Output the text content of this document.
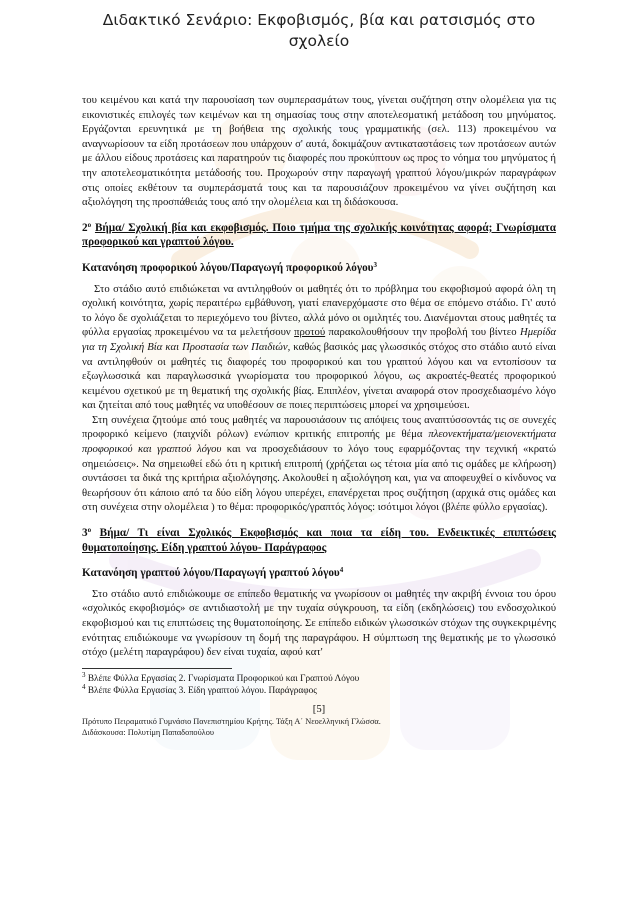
Διδακτικό Σενάριο: Εκφοβισμός, βία και ρατσισμός στο
σχολείο

του κειμένου και κατά την παρουσίαση των συμπερασμάτων τους, γίνεται συζήτηση στην ολομέλεια για τις εικονιστικές επιλογές των κειμένων και τη σημασίας τους στην αποτελεσματική μετάδοση του μηνύματος. Εργάζονται ερευνητικά με τη βοήθεια της σχολικής τους γραμματικής (σελ. 113) προκειμένου να αναγνωρίσουν τα είδη προτάσεων που υπάρχουν σ' αυτά, δοκιμάζουν αντικαταστάσεις των προτάσεων αυτών με άλλου είδους προτάσεις και παρατηρούν τις διαφορές που προκύπτουν ως προς το νόημα του μηνύματος ή την αποτελεσματικότητα μετάδοσής του. Προχωρούν στην παραγωγή γραπτού λόγου/μικρών παραγράφων στις οποίες εκθέτουν τα συμπεράσματά τους και τα παρουσιάζουν προκειμένου να γίνει συζήτηση και αξιολόγηση της προσπάθειάς τους από την ολομέλεια και τη διδάσκουσα.

$2^o$ Βήμα/ Σχολική βία και εκφοβισμός. Ποιο τμήμα της σχολικής κοινότητας αφορά; Γνωρίσματα προφορικού και γραπτού λόγου.
Κατανόηση προφορικού λόγου/Παραγωγή προφορικού λόγου$^3$

Στο στάδιο αυτό επιδιώκεται να αντιληφθούν οι μαθητές ότι το πρόβλημα του εκφοβισμού αφορά όλη τη σχολική κοινότητα, χωρίς περαιτέρω εμβάθυνση, γιατί επανερχόμαστε στο θέμα σε επόμενο στάδιο. Γι' αυτό το λόγο δε σχολιάζεται το περιεχόμενο του βίντεο, αλλά μόνο οι ομιλητές του. Διανέμονται στους μαθητές τα φύλλα εργασίας προκειμένου να τα μελετήσουν πρoτού παρακολουθήσουν την προβολή του βίντεο Ημερίδα για τη Σχολική Βία και Προστασία των Παιδιών, καθώς βασικός μας γλωσσικός στόχος στο στάδιο αυτό είναι να αντιληφθούν οι μαθητές τις διαφορές του προφορικού και του γραπτού λόγου και να εντοπίσουν τα εξωγλωσσικά και παραγλωσσικά γνωρίσματα του προφορικού λόγου, ως ακροατές-θεατές προφορικού κειμένου σχετικού με τη θεματική της σχολικής βίας. Επιπλέον, γίνεται αναφορά στον προσχεδιασμένο λόγο και ζητείται από τους μαθητές να υποθέσουν σε ποιες περιπτώσεις μπορεί να χρησιμεύσει.

Στη συνέχεια ζητούμε από τους μαθητές να παρουσιάσουν τις απόψεις τους αναπτύσσοντάς τις σε συνεχές προφορικό κείμενο (παιχνίδι ρόλων) ενώπιον κριτικής επιτροπής με θέμα πλεονεκτήματα/μειονεκτήματα προφορικού και γραπτού λόγου και να προσχεδιάσουν το λόγο τους εφαρμόζοντας την τεχνική «κρατώ σημειώσεις». Να σημειωθεί εδώ ότι η κριτική επιτροπή (χρήζεται ως τέτοια μία από τις ομάδες με κλήρωση) συντάσσει τα δικά της κριτήρια αξιολόγησης. Ακολουθεί η αξιολόγηση και, για να αποφευχθεί ο κίνδυνος να θεωρήσουν ότι κάποιο από τα δύο είδη λόγου υπερέχει, επανέρχεται προς συζήτηση (αρχικά στις ομάδες και στη συνέχεια στην ολομέλεια ) το θέμα: προφορικός/γραπτός λόγος: ισότιμοι λόγοι (βλέπε φύλλο εργασίας).

$3^o$ Βήμα/ Τι είναι Σχολικός Εκφοβισμός και ποια τα είδη του. Ενδεικτικές επιπτώσεις θυματοποίησης. Είδη γραπτού λόγου- Παράγραφος
Κατανόηση γραπτού λόγου/Παραγωγή γραπτού λόγου$^4$

Στο στάδιο αυτό επιδιώκουμε σε επίπεδο θεματικής να γνωρίσουν οι μαθητές την ακριβή έννοια του όρου «σχολικός εκφοβισμός» σε αντιδιαστολή με την τυχαία σύγκρουση, τα είδη (εκδηλώσεις) του ενδοσχολικού εκφοβισμού και τις επιπτώσεις της θυματοποίησης. Σε επίπεδο ειδικών γλωσσικών στόχων της συγκεκριμένης ενότητας επιδιώκουμε να γνωρίσουν τη δομή της παραγράφου. Η σύμπτωση της θεματικής με το γλωσσικό στόχο (μελέτη παραγράφου) δεν είναι τυχαία, αφού κατ'

$^3$ Βλέπε Φύλλα Εργασίας 2. Γνωρίσματα Προφορικού και Γραπτού Λόγου
$^4$ Βλέπε Φύλλα Εργασίας 3. Είδη γραπτού λόγου. Παράγραφος
[5]
Πρότυπο Πειραματικό Γυμνάσιο Πανεπιστημίου Κρήτης. Τάξη Α΄ Νεοελληνική Γλώσσα.
Διδάσκουσα: Πολυτίμη Παπαδοπούλου
